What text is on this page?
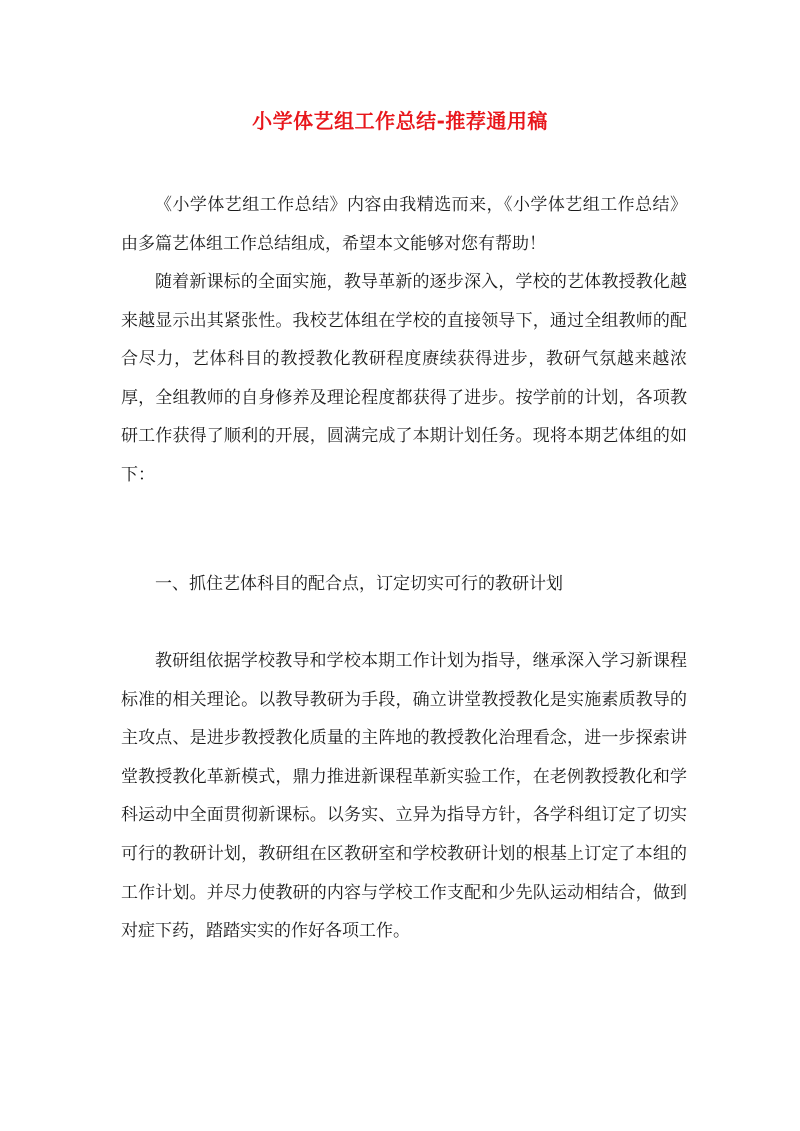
小学体艺组工作总结-推荐通用稿

《小学体艺组工作总结》内容由我精选而来，《小学体艺组工作总结》由多篇艺体组工作总结组成，希望本文能够对您有帮助！

随着新课标的全面实施，教导革新的逐步深入，学校的艺体教授教化越来越显示出其紧张性。我校艺体组在学校的直接领导下，通过全组教师的配合尽力，艺体科目的教授教化教研程度赓续获得进步，教研气氛越来越浓厚，全组教师的自身修养及理论程度都获得了进步。按学前的计划，各项教研工作获得了顺利的开展，圆满完成了本期计划任务。现将本期艺体组的如下：

一、抓住艺体科目的配合点，订定切实可行的教研计划

教研组依据学校教导和学校本期工作计划为指导，继承深入学习新课程标准的相关理论。以教导教研为手段，确立讲堂教授教化是实施素质教导的主攻点、是进步教授教化质量的主阵地的教授教化治理看念，进一步探索讲堂教授教化革新模式，鼎力推进新课程革新实验工作，在老例教授教化和学科运动中全面贯彻新课标。以务实、立异为指导方针，各学科组订定了切实可行的教研计划，教研组在区教研室和学校教研计划的根基上订定了本组的工作计划。并尽力使教研的内容与学校工作支配和少先队运动相结合，做到对症下药，踏踏实实的作好各项工作。
